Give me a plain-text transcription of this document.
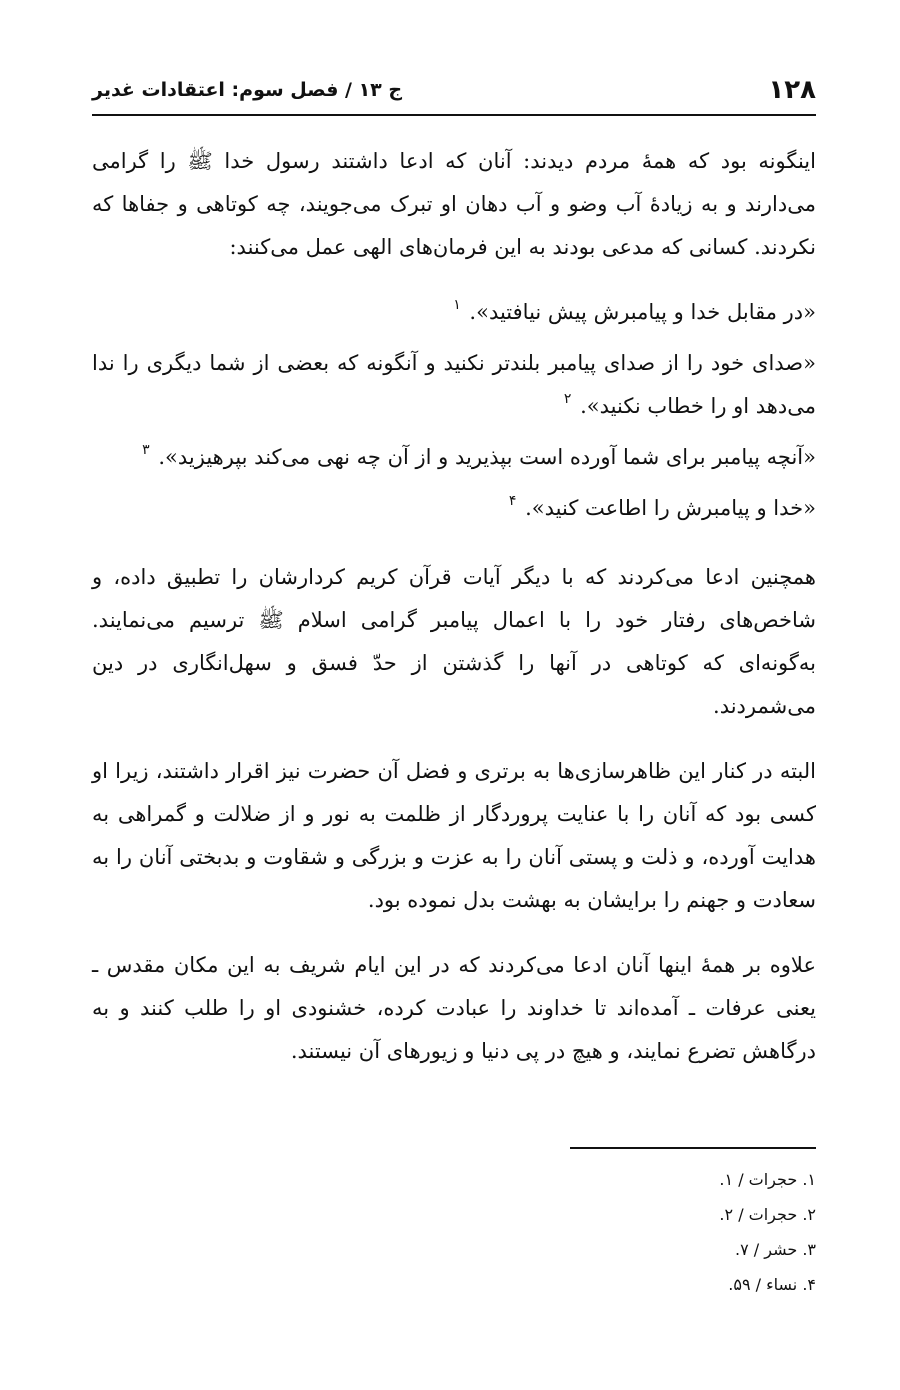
۱۲۸
ج ۱۳ / فصل سوم: اعتقادات غدیر

اینگونه بود که همهٔ مردم دیدند: آنان که ادعا داشتند رسول خدا ﷺ را گرامی می‌دارند و به زیادهٔ آب وضو و آب دهان او تبرک می‌جویند، چه کوتاهی و جفاها که نکردند. کسانی که مدعی بودند به این فرمان‌های الهی عمل می‌کنند:

«در مقابل خدا و پیامبرش پیش نیافتید». $^۱$

«صدای خود را از صدای پیامبر بلندتر نکنید و آنگونه که بعضی از شما دیگری را ندا می‌دهد او را خطاب نکنید». $^۲$

«آنچه پیامبر برای شما آورده است بپذیرید و از آن چه نهی می‌کند بپرهیزید». $^۳$

«خدا و پیامبرش را اطاعت کنید». $^۴$

همچنین ادعا می‌کردند که با دیگر آیات قرآن کریم کردارشان را تطبیق داده، و شاخص‌های رفتار خود را با اعمال پیامبر گرامی اسلام ﷺ ترسیم می‌نمایند. به‌گونه‌ای که کوتاهی در آنها را گذشتن از حدّ فسق و سهل‌انگاری در دین می‌شمردند.

البته در کنار این ظاهرسازی‌ها به برتری و فضل آن حضرت نیز اقرار داشتند، زیرا او کسی بود که آنان را با عنایت پروردگار از ظلمت به نور و از ضلالت و گمراهی به هدایت آورده، و ذلت و پستی آنان را به عزت و بزرگی و شقاوت و بدبختی آنان را به سعادت و جهنم را برایشان به بهشت بدل نموده بود.

علاوه بر همهٔ اینها آنان ادعا می‌کردند که در این ایام شریف به این مکان مقدس ـ یعنی عرفات ـ آمده‌اند تا خداوند را عبادت کرده، خشنودی او را طلب کنند و به درگاهش تضرع نمایند، و هیچ در پی دنیا و زیورهای آن نیستند.

۱. حجرات / ۱.
۲. حجرات / ۲.
۳. حشر / ۷.
۴. نساء / ۵۹.
